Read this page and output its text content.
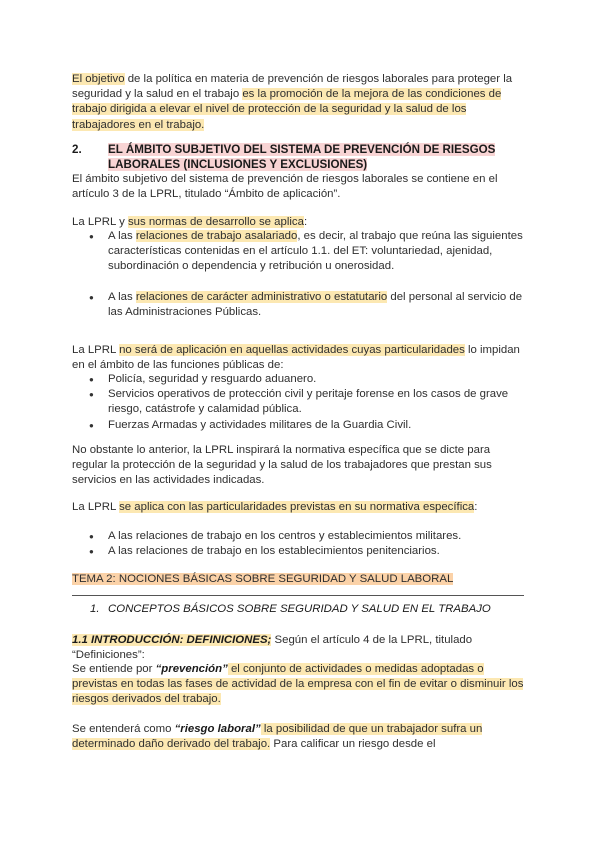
El objetivo de la política en materia de prevención de riesgos laborales para proteger la seguridad y la salud en el trabajo es la promoción de la mejora de las condiciones de trabajo dirigida a elevar el nivel de protección de la seguridad y la salud de los trabajadores en el trabajo.

2. EL ÁMBITO SUBJETIVO DEL SISTEMA DE PREVENCIÓN DE RIESGOS LABORALES (INCLUSIONES Y EXCLUSIONES)

El ámbito subjetivo del sistema de prevención de riesgos laborales se contiene en el artículo 3 de la LPRL, titulado “Ámbito de aplicación”.

La LPRL y sus normas de desarrollo se aplica:

● A las relaciones de trabajo asalariado, es decir, al trabajo que reúna las siguientes características contenidas en el artículo 1.1. del ET: voluntariedad, ajenidad, subordinación o dependencia y retribución u onerosidad.
● A las relaciones de carácter administrativo o estatutario del personal al servicio de las Administraciones Públicas.

La LPRL no será de aplicación en aquellas actividades cuyas particularidades lo impidan en el ámbito de las funciones públicas de:

● Policía, seguridad y resguardo aduanero.
● Servicios operativos de protección civil y peritaje forense en los casos de grave riesgo, catástrofe y calamidad pública.
● Fuerzas Armadas y actividades militares de la Guardia Civil.

No obstante lo anterior, la LPRL inspirará la normativa específica que se dicte para regular la protección de la seguridad y la salud de los trabajadores que prestan sus servicios en las actividades indicadas.

La LPRL se aplica con las particularidades previstas en su normativa específica:

● A las relaciones de trabajo en los centros y establecimientos militares.
● A las relaciones de trabajo en los establecimientos penitenciarios.

TEMA 2: NOCIONES BÁSICAS SOBRE SEGURIDAD Y SALUD LABORAL

1. CONCEPTOS BÁSICOS SOBRE SEGURIDAD Y SALUD EN EL TRABAJO

1.1 INTRODUCCIÓN: DEFINICIONES; Según el artículo 4 de la LPRL, titulado “Definiciones”:

Se entiende por “prevención” el conjunto de actividades o medidas adoptadas o previstas en todas las fases de actividad de la empresa con el fin de evitar o disminuir los riesgos derivados del trabajo.

Se entenderá como “riesgo laboral” la posibilidad de que un trabajador sufra un determinado daño derivado del trabajo. Para calificar un riesgo desde el
